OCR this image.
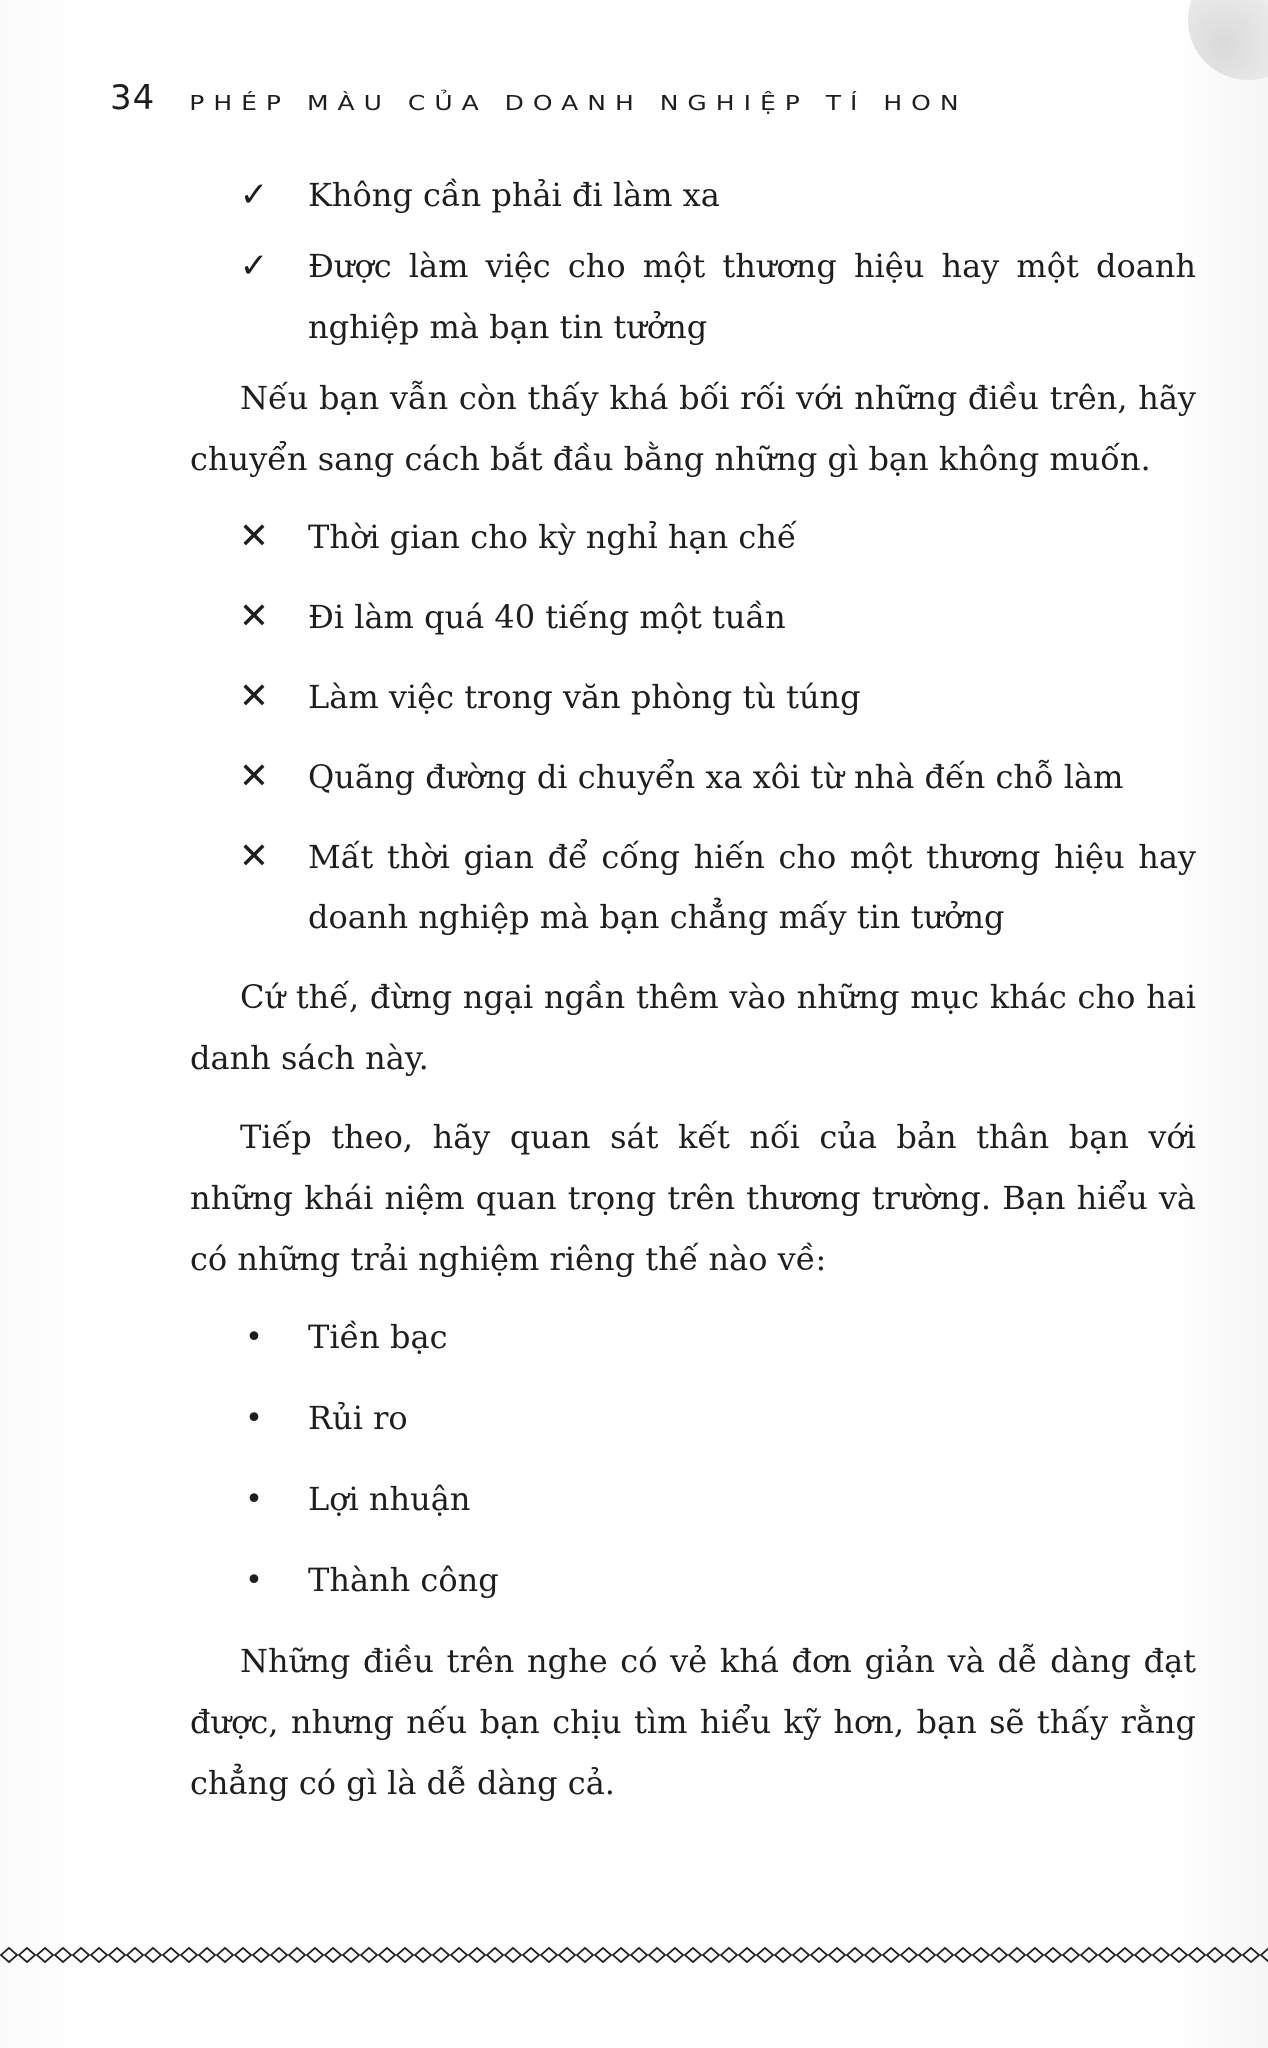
34 PHÉP MÀU CỦA DOANH NGHIỆP TÍ HON
✓ Không cần phải đi làm xa
✓ Được làm việc cho một thương hiệu hay một doanh nghiệp mà bạn tin tưởng

Nếu bạn vẫn còn thấy khá bối rối với những điều trên, hãy chuyển sang cách bắt đầu bằng những gì bạn không muốn.

✕ Thời gian cho kỳ nghỉ hạn chế
✕ Đi làm quá 40 tiếng một tuần
✕ Làm việc trong văn phòng tù túng
✕ Quãng đường di chuyển xa xôi từ nhà đến chỗ làm
✕ Mất thời gian để cống hiến cho một thương hiệu hay doanh nghiệp mà bạn chẳng mấy tin tưởng

Cứ thế, đừng ngại ngần thêm vào những mục khác cho hai danh sách này.

Tiếp theo, hãy quan sát kết nối của bản thân bạn với những khái niệm quan trọng trên thương trường. Bạn hiểu và có những trải nghiệm riêng thế nào về:

•	Tiền bạc
•	Rủi ro
•	Lợi nhuận
•	Thành công

Những điều trên nghe có vẻ khá đơn giản và dễ dàng đạt được, nhưng nếu bạn chịu tìm hiểu kỹ hơn, bạn sẽ thấy rằng chẳng có gì là dễ dàng cả.
